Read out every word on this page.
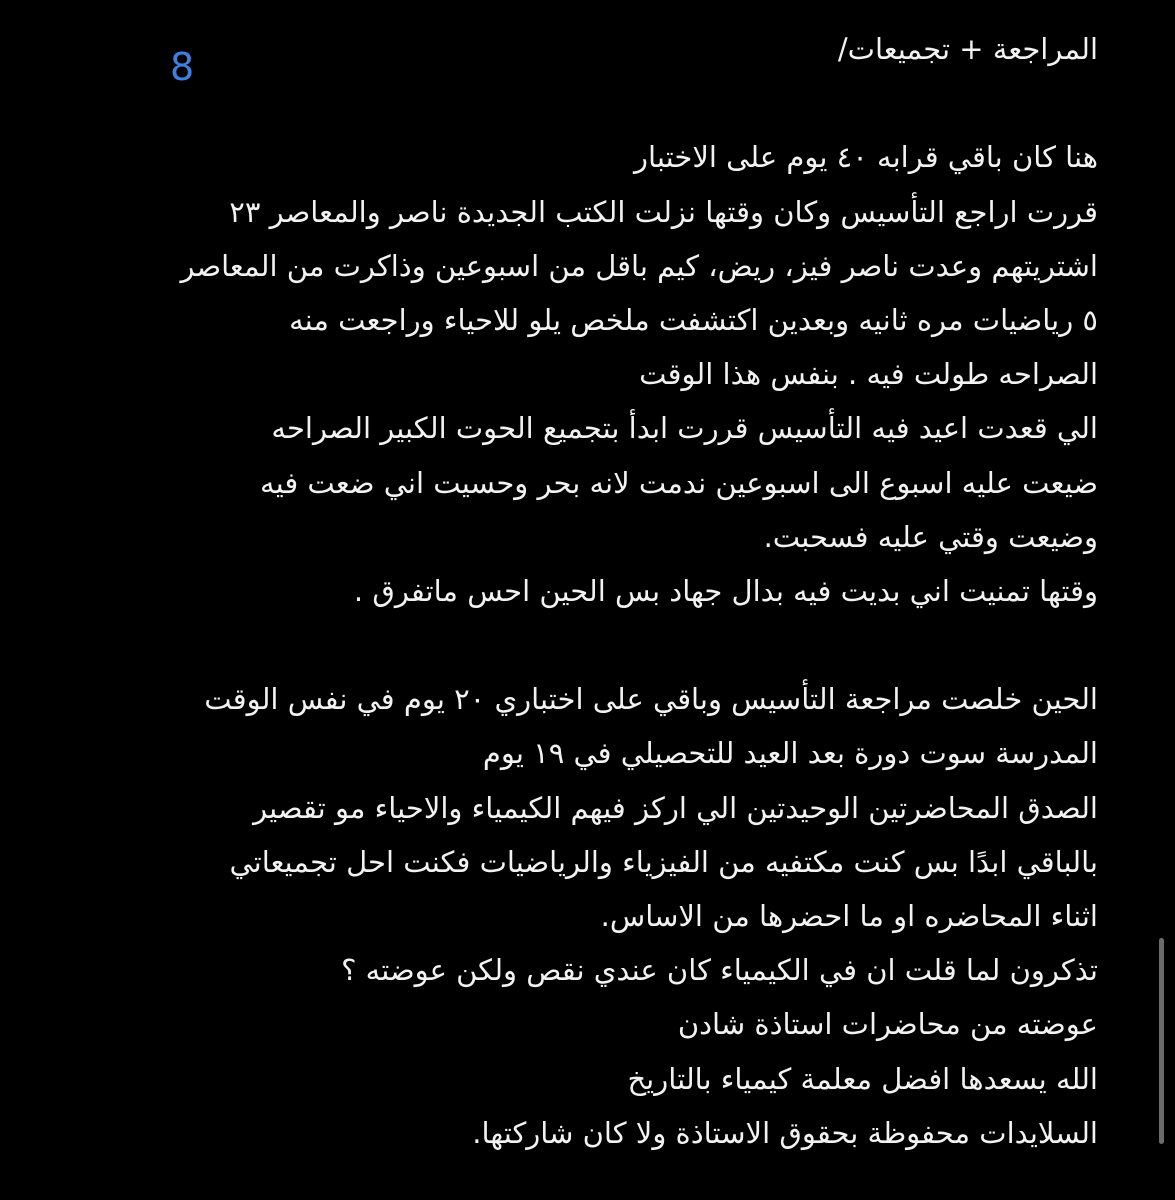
8	المراجعة + تجميعات/
هنا كان باقي قرابه ٤٠ يوم على الاختبار
قررت اراجع التأسيس وكان وقتها نزلت الكتب الجديدة ناصر والمعاصر ٢٣
اشتريتهم وعدت ناصر فيز، ريض، كيم باقل من اسبوعين وذاكرت من المعاصر
٥ رياضيات مره ثانيه وبعدين اكتشفت ملخص يلو للاحياء وراجعت منه
الصراحه طولت فيه . بنفس هذا الوقت
الي قعدت اعيد فيه التأسيس قررت ابدأ بتجميع الحوت الكبير الصراحه
ضيعت عليه اسبوع الى اسبوعين ندمت لانه بحر وحسيت اني ضعت فيه
وضيعت وقتي عليه فسحبت.
وقتها تمنيت اني بديت فيه بدال جهاد بس الحين احس ماتفرق .
الحين خلصت مراجعة التأسيس وباقي على اختباري ٢٠ يوم في نفس الوقت
المدرسة سوت دورة بعد العيد للتحصيلي في ١٩ يوم
الصدق المحاضرتين الوحيدتين الي اركز فيهم الكيمياء والاحياء مو تقصير
بالباقي ابدًا بس كنت مكتفيه من الفيزياء والرياضيات فكنت احل تجميعاتي
اثناء المحاضره او ما احضرها من الاساس.
تذكرون لما قلت ان في الكيمياء كان عندي نقص ولكن عوضته ؟
عوضته من محاضرات استاذة شادن
الله يسعدها افضل معلمة كيمياء بالتاريخ
السلايدات محفوظة بحقوق الاستاذة ولا كان شاركتها.
